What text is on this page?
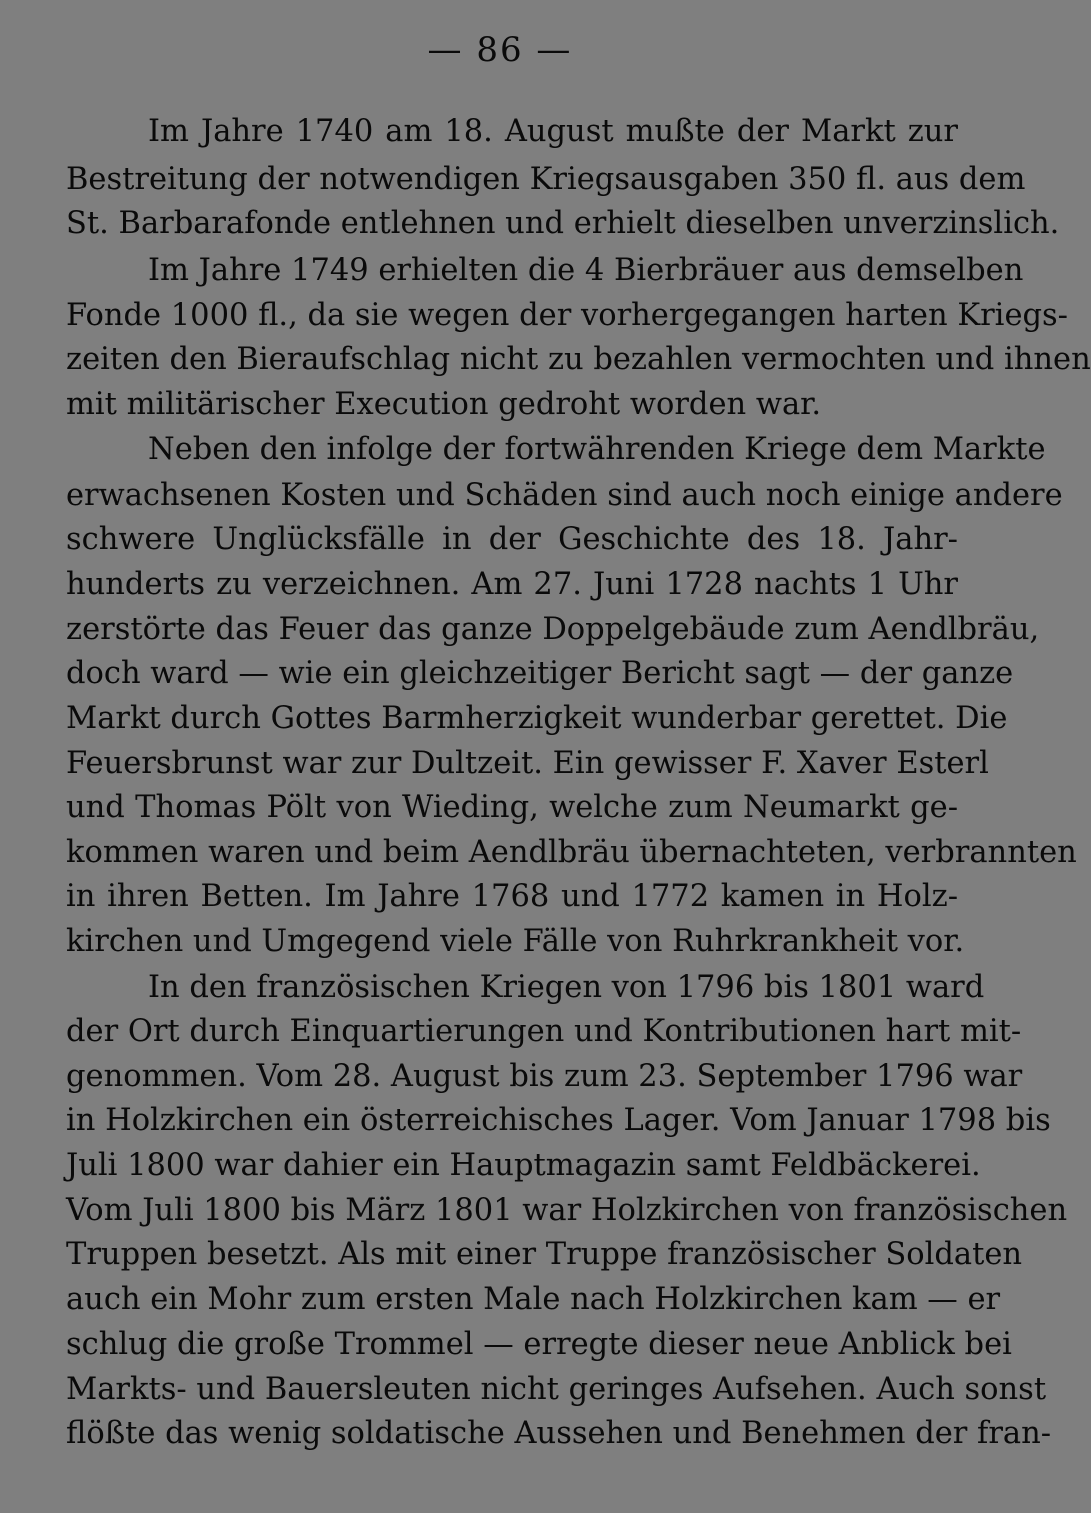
— 86 —
Im Jahre 1740 am 18. August mußte der Markt zur
Bestreitung der notwendigen Kriegsausgaben 350 fl. aus dem
St. Barbarafonde entlehnen und erhielt dieselben unverzinslich.
Im Jahre 1749 erhielten die 4 Bierbräuer aus demselben
Fonde 1000 fl., da sie wegen der vorhergegangen harten Kriegs-
zeiten den Bieraufschlag nicht zu bezahlen vermochten und ihnen
mit militärischer Execution gedroht worden war.
Neben den infolge der fortwährenden Kriege dem Markte
erwachsenen Kosten und Schäden sind auch noch einige andere
schwere Unglücksfälle in der Geschichte des 18. Jahr-
hunderts zu verzeichnen. Am 27. Juni 1728 nachts 1 Uhr
zerstörte das Feuer das ganze Doppelgebäude zum Aendlbräu,
doch ward — wie ein gleichzeitiger Bericht sagt — der ganze
Markt durch Gottes Barmherzigkeit wunderbar gerettet. Die
Feuersbrunst war zur Dultzeit. Ein gewisser F. Xaver Esterl
und Thomas Pölt von Wieding, welche zum Neumarkt ge-
kommen waren und beim Aendlbräu übernachteten, verbrannten
in ihren Betten. Im Jahre 1768 und 1772 kamen in Holz-
kirchen und Umgegend viele Fälle von Ruhrkrankheit vor.
In den französischen Kriegen von 1796 bis 1801 ward
der Ort durch Einquartierungen und Kontributionen hart mit-
genommen. Vom 28. August bis zum 23. September 1796 war
in Holzkirchen ein österreichisches Lager. Vom Januar 1798 bis
Juli 1800 war dahier ein Hauptmagazin samt Feldbäckerei.
Vom Juli 1800 bis März 1801 war Holzkirchen von französischen
Truppen besetzt. Als mit einer Truppe französischer Soldaten
auch ein Mohr zum ersten Male nach Holzkirchen kam — er
schlug die große Trommel — erregte dieser neue Anblick bei
Markts- und Bauersleuten nicht geringes Aufsehen. Auch sonst
flößte das wenig soldatische Aussehen und Benehmen der fran-
